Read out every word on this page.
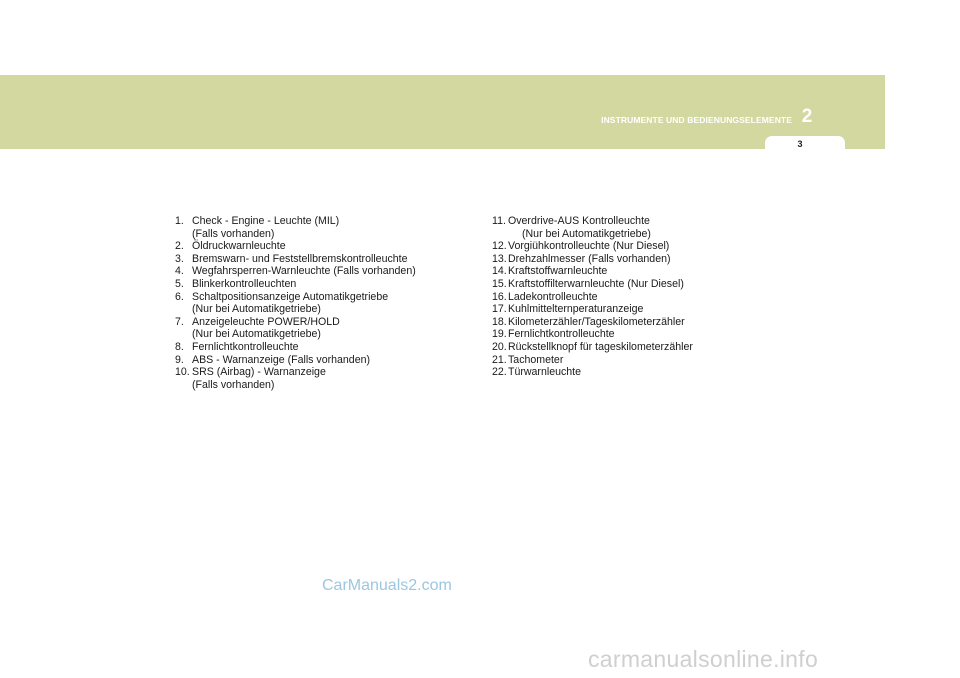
INSTRUMENTE UND BEDIENUNGSELEMENTE 2
3
1. Check - Engine - Leuchte (MIL)
(Falls vorhanden)
2. Öldruckwarnleuchte
3. Bremswarn- und Feststellbremskontrolleuchte
4. Wegfahrsperren-Warnleuchte (Falls vorhanden)
5. Blinkerkontrolleuchten
6. Schaltpositionsanzeige Automatikgetriebe
(Nur bei Automatikgetriebe)
7. Anzeigeleuchte POWER/HOLD
(Nur bei Automatikgetriebe)
8. Fernlichtkontrolleuchte
9. ABS - Warnanzeige (Falls vorhanden)
10. SRS (Airbag) - Warnanzeige
(Falls vorhanden)
11. Overdrive-AUS Kontrolleuchte
(Nur bei Automatikgetriebe)
12.Vorgiühkontrolleuchte (Nur Diesel)
13.Drehzahlmesser (Falls vorhanden)
14.Kraftstoffwarnleuchte
15.Kraftstoffilterwarnleuchte (Nur Diesel)
16.Ladekontrolleuchte
17.Kuhlmittelternperaturanzeige
18.Kilometerzähler/Tageskilometerzähler
19.Fernlichtkontrolleuchte
20.Rückstellknopf für tageskilometerzähler
21.Tachometer
22.Türwarnleuchte
CarManuals2.com
carmanualsonline.info
